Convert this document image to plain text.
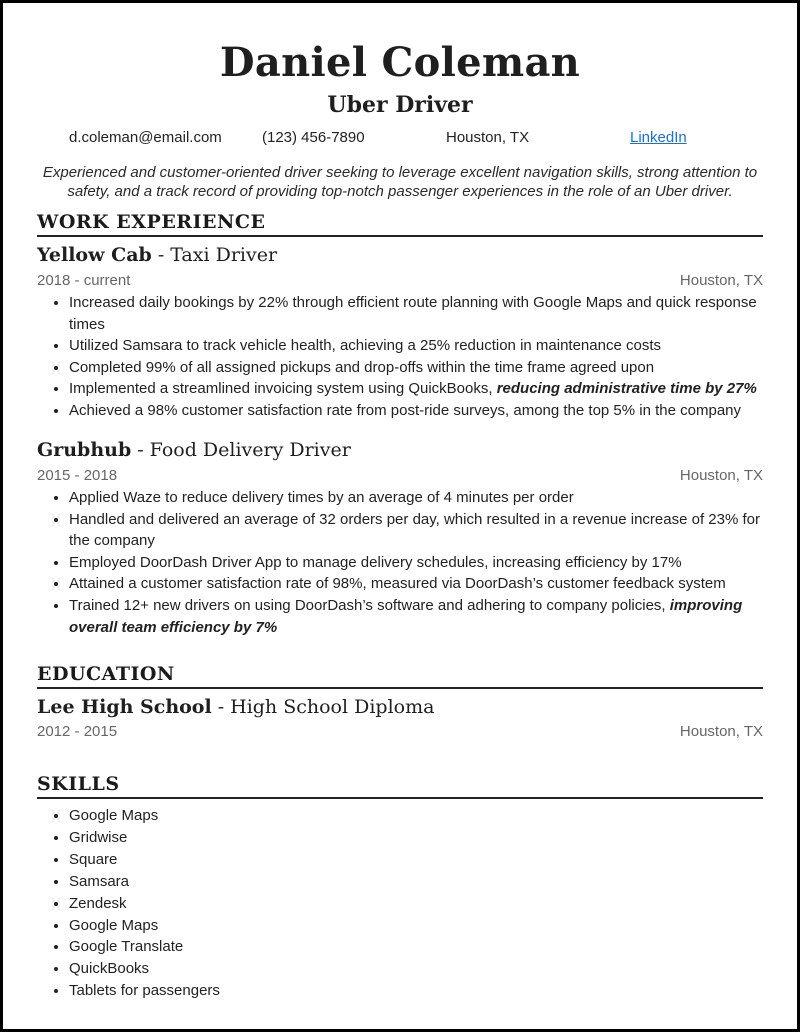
Daniel Coleman
Uber Driver
d.coleman@email.com	(123) 456-7890	Houston, TX	LinkedIn
Experienced and customer-oriented driver seeking to leverage excellent navigation skills, strong attention to safety, and a track record of providing top-notch passenger experiences in the role of an Uber driver.
WORK EXPERIENCE
Yellow Cab - Taxi Driver
2018 - current	Houston, TX
• Increased daily bookings by 22% through efficient route planning with Google Maps and quick response times
• Utilized Samsara to track vehicle health, achieving a 25% reduction in maintenance costs
• Completed 99% of all assigned pickups and drop-offs within the time frame agreed upon
• Implemented a streamlined invoicing system using QuickBooks, reducing administrative time by 27%
• Achieved a 98% customer satisfaction rate from post-ride surveys, among the top 5% in the company
Grubhub - Food Delivery Driver
2015 - 2018	Houston, TX
• Applied Waze to reduce delivery times by an average of 4 minutes per order
• Handled and delivered an average of 32 orders per day, which resulted in a revenue increase of 23% for the company
• Employed DoorDash Driver App to manage delivery schedules, increasing efficiency by 17%
• Attained a customer satisfaction rate of 98%, measured via DoorDash’s customer feedback system
• Trained 12+ new drivers on using DoorDash’s software and adhering to company policies, improving overall team efficiency by 7%
EDUCATION
Lee High School - High School Diploma
2012 - 2015	Houston, TX
SKILLS
• Google Maps
• Gridwise
• Square
• Samsara
• Zendesk
• Google Maps
• Google Translate
• QuickBooks
• Tablets for passengers
